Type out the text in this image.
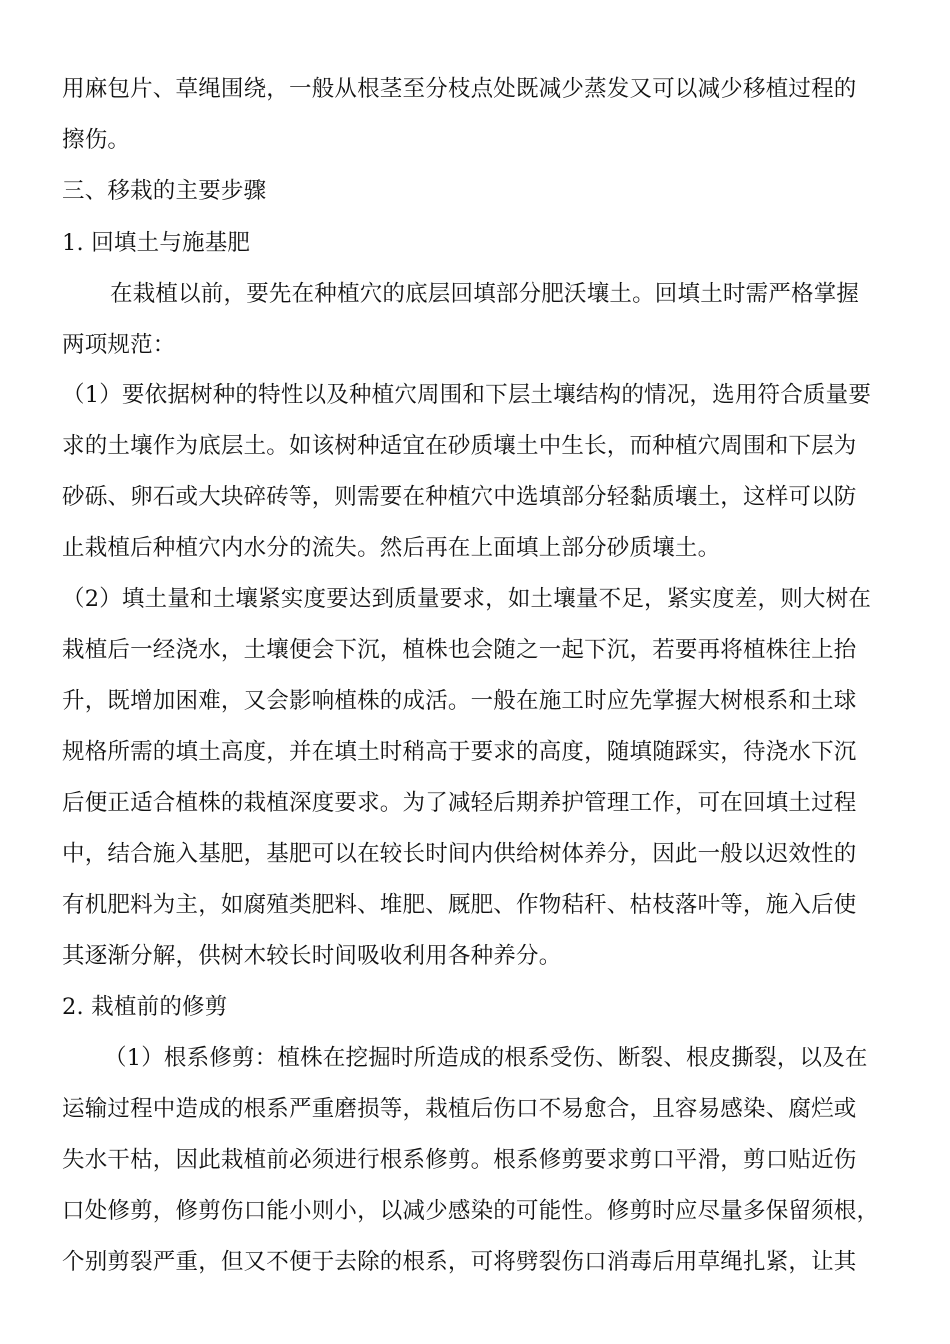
用麻包片、草绳围绕，一般从根茎至分枝点处既减少蒸发又可以减少移植过程的
擦伤。
三、移栽的主要步骤
1. 回填土与施基肥
在栽植以前，要先在种植穴的底层回填部分肥沃壤土。回填土时需严格掌握
两项规范：
（1）要依据树种的特性以及种植穴周围和下层土壤结构的情况，选用符合质量要
求的土壤作为底层土。如该树种适宜在砂质壤土中生长，而种植穴周围和下层为
砂砾、卵石或大块碎砖等，则需要在种植穴中选填部分轻黏质壤土，这样可以防
止栽植后种植穴内水分的流失。然后再在上面填上部分砂质壤土。
（2）填土量和土壤紧实度要达到质量要求，如土壤量不足，紧实度差，则大树在
栽植后一经浇水，土壤便会下沉，植株也会随之一起下沉，若要再将植株往上抬
升，既增加困难，又会影响植株的成活。一般在施工时应先掌握大树根系和土球
规格所需的填土高度，并在填土时稍高于要求的高度，随填随踩实，待浇水下沉
后便正适合植株的栽植深度要求。为了减轻后期养护管理工作，可在回填土过程
中，结合施入基肥，基肥可以在较长时间内供给树体养分，因此一般以迟效性的
有机肥料为主，如腐殖类肥料、堆肥、厩肥、作物秸秆、枯枝落叶等，施入后使
其逐渐分解，供树木较长时间吸收利用各种养分。
2. 栽植前的修剪
（1）根系修剪：植株在挖掘时所造成的根系受伤、断裂、根皮撕裂，以及在
运输过程中造成的根系严重磨损等，栽植后伤口不易愈合，且容易感染、腐烂或
失水干枯，因此栽植前必须进行根系修剪。根系修剪要求剪口平滑，剪口贴近伤
口处修剪，修剪伤口能小则小，以减少感染的可能性。修剪时应尽量多保留须根，
个别剪裂严重，但又不便于去除的根系，可将劈裂伤口消毒后用草绳扎紧，让其
